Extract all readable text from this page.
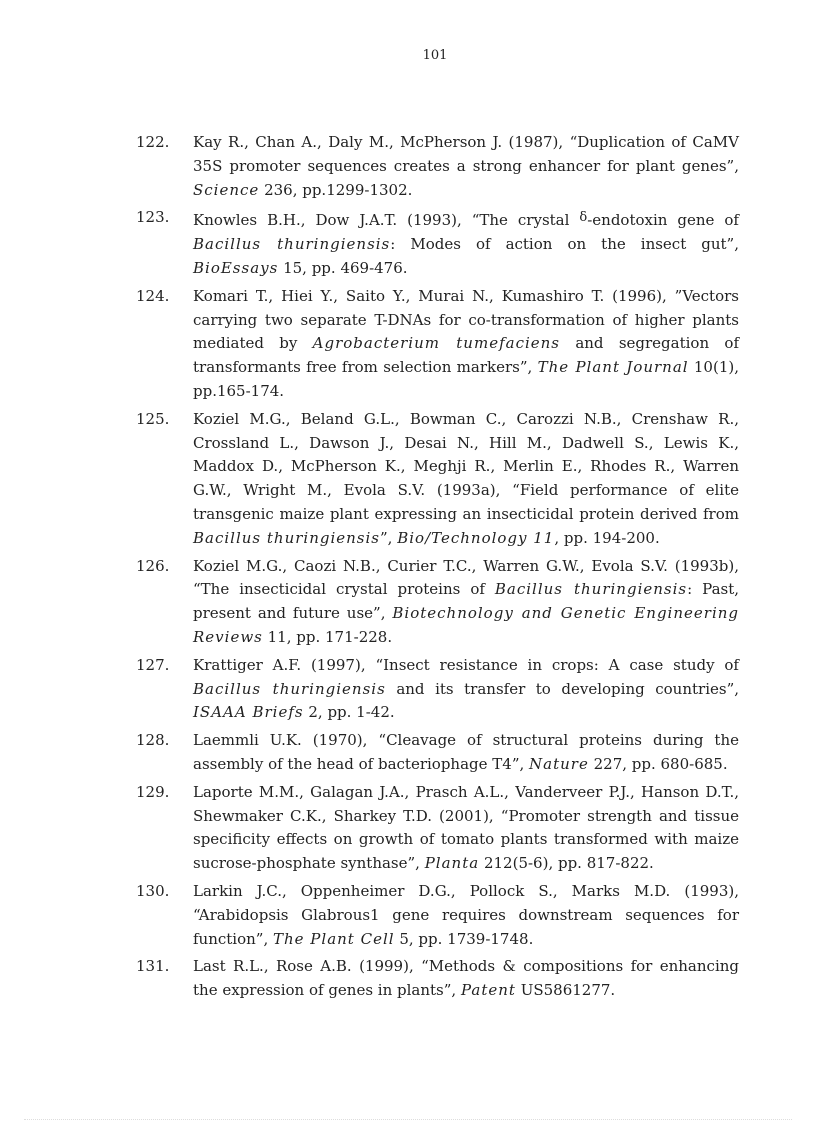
101
122. Kay R., Chan A., Daly M., McPherson J. (1987), “Duplication of CaMV 35S promoter sequences creates a strong enhancer for plant genes”, Science 236, pp.1299-1302.
123. Knowles B.H., Dow J.A.T. (1993), “The crystal δ-endotoxin gene of Bacillus thuringiensis: Modes of action on the insect gut”, BioEssays 15, pp. 469-476.
124. Komari T., Hiei Y., Saito Y., Murai N., Kumashiro T. (1996), ”Vectors carrying two separate T-DNAs for co-transformation of higher plants mediated by Agrobacterium tumefaciens and segregation of transformants free from selection markers”, The Plant Journal 10(1), pp.165-174.
125. Koziel M.G., Beland G.L., Bowman C., Carozzi N.B., Crenshaw R., Crossland L., Dawson J., Desai N., Hill M., Dadwell S., Lewis K., Maddox D., McPherson K., Meghji R., Merlin E., Rhodes R., Warren G.W., Wright M., Evola S.V. (1993a), “Field performance of elite transgenic maize plant expressing an insecticidal protein derived from Bacillus thuringiensis”, Bio/Technology 11, pp. 194-200.
126. Koziel M.G., Caozi N.B., Curier T.C., Warren G.W., Evola S.V. (1993b), “The insecticidal crystal proteins of Bacillus thuringiensis: Past, present and future use”, Biotechnology and Genetic Engineering Reviews 11, pp. 171-228.
127. Krattiger A.F. (1997), “Insect resistance in crops: A case study of Bacillus thuringiensis and its transfer to developing countries”, ISAAA Briefs 2, pp. 1-42.
128. Laemmli U.K. (1970), “Cleavage of structural proteins during the assembly of the head of bacteriophage T4”, Nature 227, pp. 680-685.
129. Laporte M.M., Galagan J.A., Prasch A.L., Vanderveer P.J., Hanson D.T., Shewmaker C.K., Sharkey T.D. (2001), “Promoter strength and tissue specificity effects on growth of tomato plants transformed with maize sucrose-phosphate synthase”, Planta 212(5-6), pp. 817-822.
130. Larkin J.C., Oppenheimer D.G., Pollock S., Marks M.D. (1993), “Arabidopsis Glabrous1 gene requires downstream sequences for function”, The Plant Cell 5, pp. 1739-1748.
131. Last R.L., Rose A.B. (1999), “Methods & compositions for enhancing the expression of genes in plants”, Patent US5861277.
